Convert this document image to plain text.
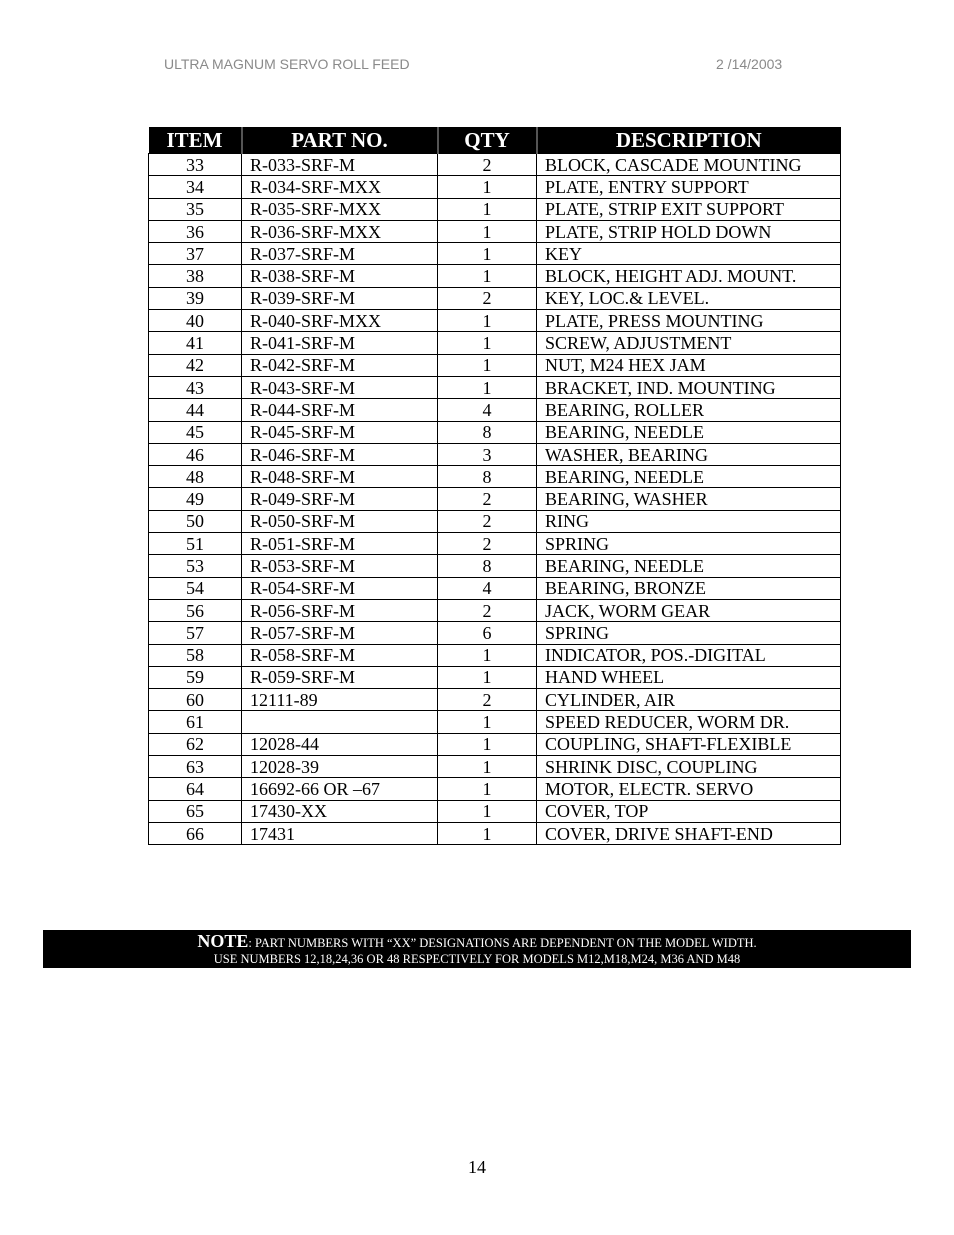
ULTRA MAGNUM SERVO ROLL FEED	2 /14/2003
ITEM	PART NO.	QTY	DESCRIPTION
33	R-033-SRF-M	2	BLOCK, CASCADE MOUNTING
34	R-034-SRF-MXX	1	PLATE, ENTRY SUPPORT
35	R-035-SRF-MXX	1	PLATE, STRIP EXIT SUPPORT
36	R-036-SRF-MXX	1	PLATE, STRIP HOLD DOWN
37	R-037-SRF-M	1	KEY
38	R-038-SRF-M	1	BLOCK, HEIGHT ADJ. MOUNT.
39	R-039-SRF-M	2	KEY, LOC.& LEVEL.
40	R-040-SRF-MXX	1	PLATE, PRESS MOUNTING
41	R-041-SRF-M	1	SCREW, ADJUSTMENT
42	R-042-SRF-M	1	NUT, M24 HEX JAM
43	R-043-SRF-M	1	BRACKET, IND. MOUNTING
44	R-044-SRF-M	4	BEARING, ROLLER
45	R-045-SRF-M	8	BEARING, NEEDLE
46	R-046-SRF-M	3	WASHER, BEARING
48	R-048-SRF-M	8	BEARING, NEEDLE
49	R-049-SRF-M	2	BEARING, WASHER
50	R-050-SRF-M	2	RING
51	R-051-SRF-M	2	SPRING
53	R-053-SRF-M	8	BEARING, NEEDLE
54	R-054-SRF-M	4	BEARING, BRONZE
56	R-056-SRF-M	2	JACK, WORM GEAR
57	R-057-SRF-M	6	SPRING
58	R-058-SRF-M	1	INDICATOR, POS.-DIGITAL
59	R-059-SRF-M	1	HAND WHEEL
60	12111-89	2	CYLINDER, AIR
61		1	SPEED REDUCER, WORM DR.
62	12028-44	1	COUPLING, SHAFT-FLEXIBLE
63	12028-39	1	SHRINK DISC, COUPLING
64	16692-66 OR –67	1	MOTOR, ELECTR. SERVO
65	17430-XX	1	COVER, TOP
66	17431	1	COVER, DRIVE SHAFT-END
NOTE: PART NUMBERS WITH “XX” DESIGNATIONS ARE DEPENDENT ON THE MODEL WIDTH.
USE NUMBERS 12,18,24,36 OR 48 RESPECTIVELY FOR MODELS M12,M18,M24, M36 AND M48
14
